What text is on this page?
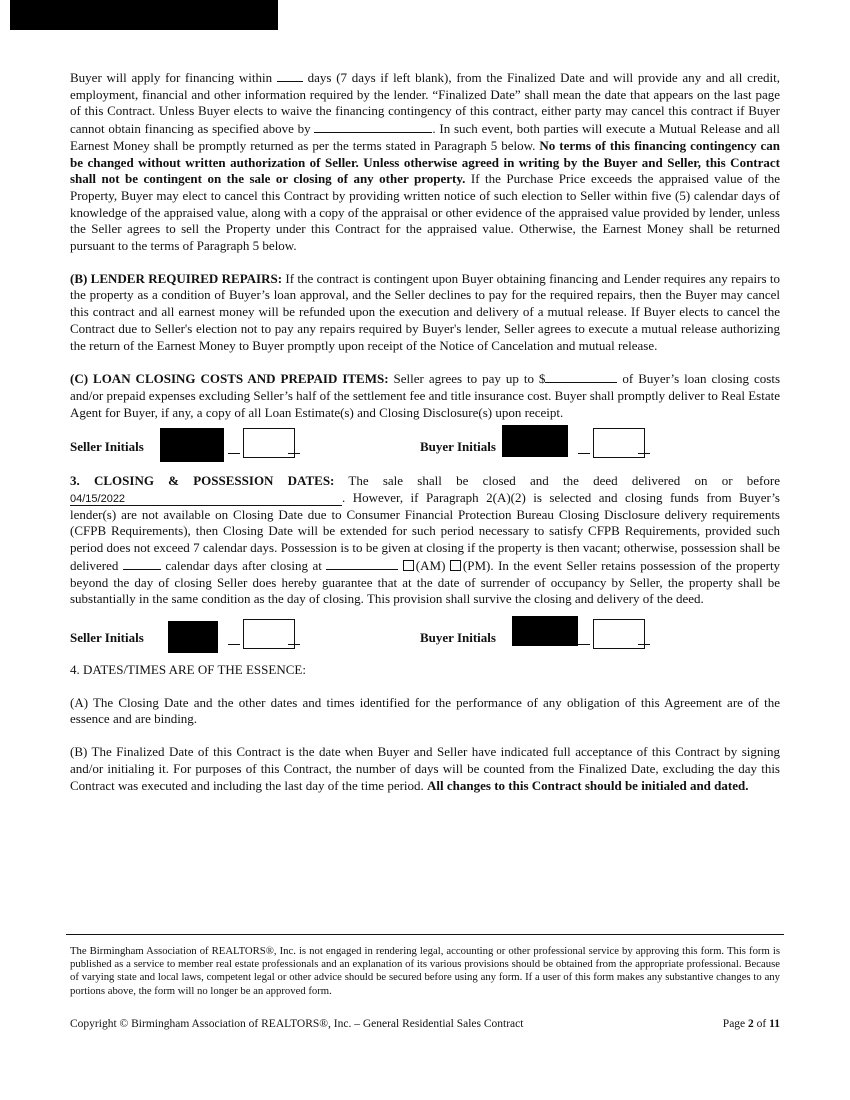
Buyer will apply for financing within	days (7 days if left blank), from the Finalized Date and will provide any and all credit, employment, financial and other information required by the lender. “Finalized Date” shall mean the date that appears on the last page of this Contract. Unless Buyer elects to waive the financing contingency of this contract, either party may cancel this contract if Buyer cannot obtain financing as specified above by	. In such event, both parties will execute a Mutual Release and all Earnest Money shall be promptly returned as per the terms stated in Paragraph 5 below. No terms of this financing contingency can be changed without written authorization of Seller. Unless otherwise agreed in writing by the Buyer and Seller, this Contract shall not be contingent on the sale or closing of any other property. If the Purchase Price exceeds the appraised value of the Property, Buyer may elect to cancel this Contract by providing written notice of such election to Seller within five (5) calendar days of knowledge of the appraised value, along with a copy of the appraisal or other evidence of the appraised value provided by lender, unless the Seller agrees to sell the Property under this Contract for the appraised value. Otherwise, the Earnest Money shall be returned pursuant to the terms of Paragraph 5 below.

(B) LENDER REQUIRED REPAIRS: If the contract is contingent upon Buyer obtaining financing and Lender requires any repairs to the property as a condition of Buyer’s loan approval, and the Seller declines to pay for the required repairs, then the Buyer may cancel this contract and all earnest money will be refunded upon the execution and delivery of a mutual release. If Buyer elects to cancel the Contract due to Seller's election not to pay any repairs required by Buyer's lender, Seller agrees to execute a mutual release authorizing the return of the Earnest Money to Buyer promptly upon receipt of the Notice of Cancelation and mutual release.

(C) LOAN CLOSING COSTS AND PREPAID ITEMS: Seller agrees to pay up to $	of Buyer’s loan closing costs and/or prepaid expenses excluding Seller’s half of the settlement fee and title insurance cost. Buyer shall promptly deliver to Real Estate Agent for Buyer, if any, a copy of all Loan Estimate(s) and Closing Disclosure(s) upon receipt.

Seller Initials	Buyer Initials

3. CLOSING & POSSESSION DATES: The sale shall be closed and the deed delivered on or before 04/15/2022	. However, if Paragraph 2(A)(2) is selected and closing funds from Buyer’s lender(s) are not available on Closing Date due to Consumer Financial Protection Bureau Closing Disclosure delivery requirements (CFPB Requirements), then Closing Date will be extended for such period necessary to satisfy CFPB Requirements, provided such period does not exceed 7 calendar days. Possession is to be given at closing if the property is then vacant; otherwise, possession shall be delivered	calendar days after closing at	(AM) (PM). In the event Seller retains possession of the property beyond the day of closing Seller does hereby guarantee that at the date of surrender of occupancy by Seller, the property shall be substantially in the same condition as the day of closing. This provision shall survive the closing and delivery of the deed.

Seller Initials	Buyer Initials

4. DATES/TIMES ARE OF THE ESSENCE:

(A) The Closing Date and the other dates and times identified for the performance of any obligation of this Agreement are of the essence and are binding.

(B) The Finalized Date of this Contract is the date when Buyer and Seller have indicated full acceptance of this Contract by signing and/or initialing it. For purposes of this Contract, the number of days will be counted from the Finalized Date, excluding the day this Contract was executed and including the last day of the time period. All changes to this Contract should be initialed and dated.

The Birmingham Association of REALTORS®, Inc. is not engaged in rendering legal, accounting or other professional service by approving this form. This form is published as a service to member real estate professionals and an explanation of its various provisions should be obtained from the appropriate professional. Because of varying state and local laws, competent legal or other advice should be secured before using any form. If a user of this form makes any substantive changes to any portions above, the form will no longer be an approved form.
Copyright © Birmingham Association of REALTORS®, Inc. – General Residential Sales Contract	Page 2 of 11
